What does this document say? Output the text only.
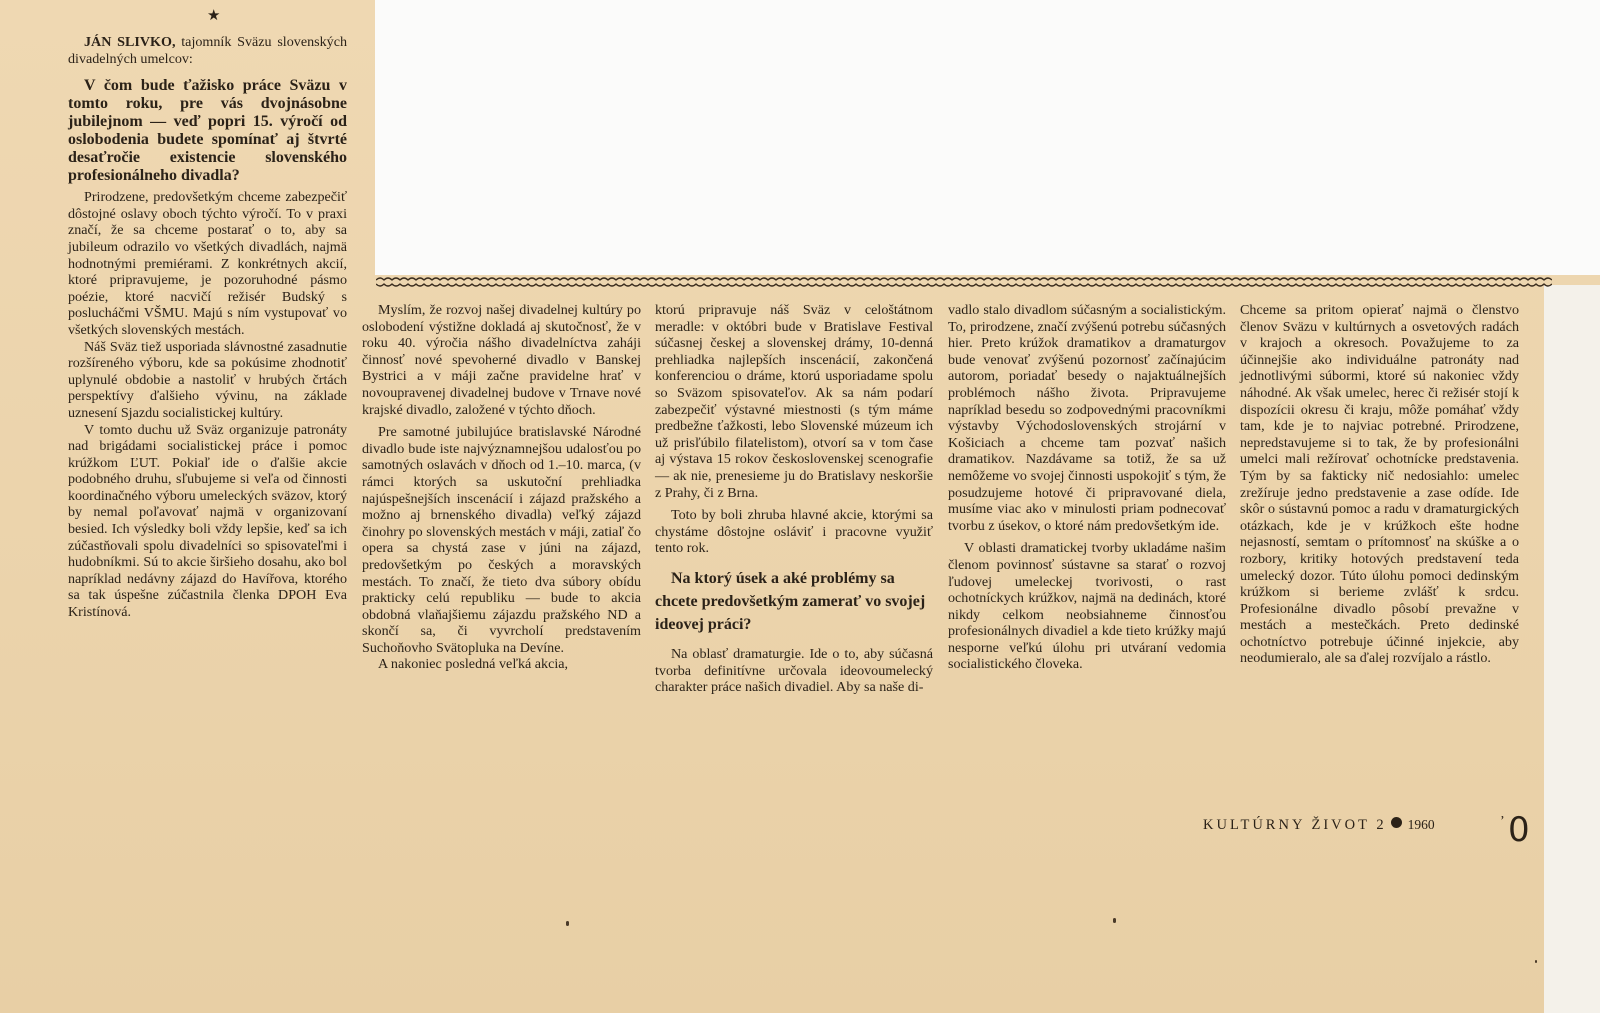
★

JÁN SLIVKO, tajomník Sväzu slovenských divadelných umelcov:

V čom bude ťažisko práce Sväzu v tomto roku, pre vás dvojnásobne jubilejnom — veď popri 15. výročí od oslobodenia budete spomínať aj štvrté desaťročie existencie slovenského profesionálneho divadla?

Prirodzene, predovšetkým chceme zabezpečiť dôstojné oslavy oboch týchto výročí. To v praxi značí, že sa chceme postarať o to, aby sa jubileum odrazilo vo všetkých divadlách, najmä hodnotnými premiérami. Z konkrétnych akcií, ktoré pripravujeme, je pozoruhodné pásmo poézie, ktoré nacvičí režisér Budský s poslucháčmi VŠMU. Majú s ním vystupovať vo všetkých slovenských mestách.

Náš Sväz tiež usporiada slávnostné zasadnutie rozšíreného výboru, kde sa pokúsime zhodnotiť uplynulé obdobie a nastoliť v hrubých črtách perspektívy ďalšieho vývinu, na základe uznesení Sjazdu socialistickej kultúry.

V tomto duchu už Sväz organizuje patronáty nad brigádami socialistickej práce i pomoc krúžkom ĽUT. Pokiaľ ide o ďalšie akcie podobného druhu, sľubujeme si veľa od činnosti koordinačného výboru umeleckých sväzov, ktorý by nemal poľavovať najmä v organizovaní besied. Ich výsledky boli vždy lepšie, keď sa ich zúčastňovali spolu divadelníci so spisovateľmi i hudobníkmi. Sú to akcie širšieho dosahu, ako bol napríklad nedávny zájazd do Havířova, ktorého sa tak úspešne zúčastnila členka DPOH Eva Kristínová.

Myslím, že rozvoj našej divadelnej kultúry po oslobodení výstižne dokladá aj skutočnosť, že v roku 40. výročia nášho divadelníctva zaháji činnosť nové spevoherné divadlo v Banskej Bystrici a v máji začne pravidelne hrať v novoupravenej divadelnej budove v Trnave nové krajské divadlo, založené v týchto dňoch.

Pre samotné jubilujúce bratislavské Národné divadlo bude iste najvýznamnejšou udalosťou po samotných oslavách v dňoch od 1.–10. marca, (v rámci ktorých sa uskutoční prehliadka najúspešnejších inscenácií i zájazd pražského a možno aj brnenského divadla) veľký zájazd činohry po slovenských mestách v máji, zatiaľ čo opera sa chystá zase v júni na zájazd, predovšetkým po českých a moravských mestách. To značí, že tieto dva súbory obídu prakticky celú republiku — bude to akcia obdobná vlaňajšiemu zájazdu pražského ND a skončí sa, či vyvrcholí predstavením Suchoňovho Svätopluka na Devíne.

A nakoniec posledná veľká akcia,

ktorú pripravuje náš Sväz v celoštátnom meradle: v októbri bude v Bratislave Festival súčasnej českej a slovenskej drámy, 10-denná prehliadka najlepších inscenácií, zakončená konferenciou o dráme, ktorú usporiadame spolu so Sväzom spisovateľov. Ak sa nám podarí zabezpečiť výstavné miestnosti (s tým máme predbežne ťažkosti, lebo Slovenské múzeum ich už prisľúbilo filatelistom), otvorí sa v tom čase aj výstava 15 rokov československej scenografie — ak nie, prenesieme ju do Bratislavy neskoršie z Prahy, či z Brna.

Toto by boli zhruba hlavné akcie, ktorými sa chystáme dôstojne osláviť i pracovne využiť tento rok.

Na ktorý úsek a aké problémy sa chcete predovšetkým zamerať vo svojej ideovej práci?

Na oblasť dramaturgie. Ide o to, aby súčasná tvorba definitívne určovala ideovoumelecký charakter práce našich divadiel. Aby sa naše di-

vadlo stalo divadlom súčasným a socialistickým. To, prirodzene, značí zvýšenú potrebu súčasných hier. Preto krúžok dramatikov a dramaturgov bude venovať zvýšenú pozornosť začínajúcim autorom, poriadať besedy o najaktuálnejších problémoch nášho života. Pripravujeme napríklad besedu so zodpovednými pracovníkmi výstavby Východoslovenských strojární v Košiciach a chceme tam pozvať našich dramatikov. Nazdávame sa totiž, že sa už nemôžeme vo svojej činnosti uspokojiť s tým, že posudzujeme hotové či pripravované diela, musíme viac ako v minulosti priam podnecovať tvorbu z úsekov, o ktoré nám predovšetkým ide.

V oblasti dramatickej tvorby ukladáme našim členom povinnosť sústavne sa starať o rozvoj ľudovej umeleckej tvorivosti, o rast ochotníckych krúžkov, najmä na dedinách, ktoré nikdy celkom neobsiahneme činnosťou profesionálnych divadiel a kde tieto krúžky majú nesporne veľkú úlohu pri utváraní vedomia socialistického človeka.

Chceme sa pritom opierať najmä o členstvo členov Sväzu v kultúrnych a osvetových radách v krajoch a okresoch. Považujeme to za účinnejšie ako individuálne patronáty nad jednotlivými súbormi, ktoré sú nakoniec vždy náhodné. Ak však umelec, herec či režisér stojí k dispozícii okresu či kraju, môže pomáhať vždy tam, kde je to najviac potrebné. Prirodzene, nepredstavujeme si to tak, že by profesionálni umelci mali režírovať ochotnícke predstavenia. Tým by sa fakticky nič nedosiahlo: umelec zrežíruje jedno predstavenie a zase odíde. Ide skôr o sústavnú pomoc a radu v dramaturgických otázkach, kde je v krúžkoch ešte hodne nejasností, semtam o prítomnosť na skúške a o rozbory, kritiky hotových predstavení teda umelecký dozor. Túto úlohu pomoci dedinským krúžkom si berieme zvlášť k srdcu. Profesionálne divadlo pôsobí prevažne v mestách a mestečkách. Preto dedinské ochotníctvo potrebuje účinné injekcie, aby neodumieralo, ale sa ďalej rozvíjalo a rástlo.

KULTÚRNY ŽIVOT 2 1960	ʼ 0
